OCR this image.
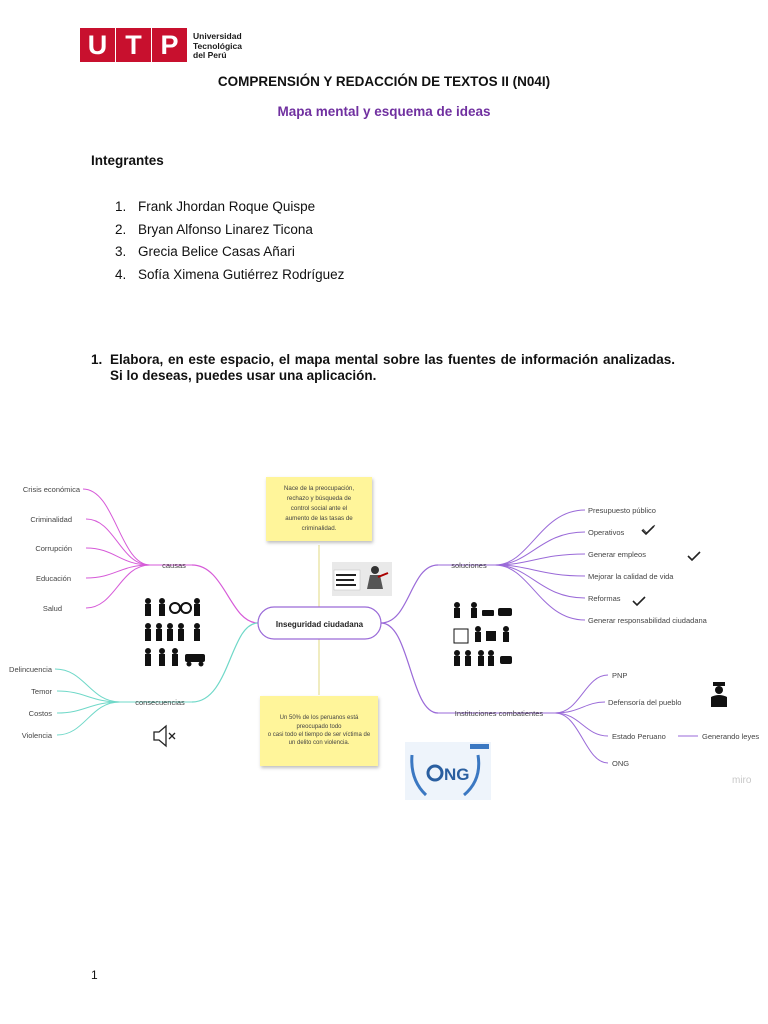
U T P	Universidad
Tecnológica
del Perú
COMPRENSIÓN Y REDACCIÓN DE TEXTOS II (N04I)
Mapa mental y esquema de ideas
Integrantes
1. Frank Jhordan Roque Quispe
2. Bryan Alfonso Linarez Ticona
3. Grecia Belice Casas Añari
4. Sofía Ximena Gutiérrez Rodríguez
1. Elabora, en este espacio, el mapa mental sobre las fuentes de información analizadas. Si lo deseas, puedes usar una aplicación.
Inseguridad ciudadana
causas
consecuencias
soluciones
Instituciones combatientes
Crisis económica
Criminalidad
Corrupción
Educación
Salud
Delincuencia
Temor
Costos
Violencia
Presupuesto público
Operativos
Generar empleos
Mejorar la calidad de vida
Reformas
Generar responsabilidad ciudadana
PNP
Defensoría del pueblo
Estado Peruano
ONG
Generando leyes
Nace de la preocupación,
rechazo y búsqueda de
control social ante el
aumento de las tasas de
criminalidad.
Un 50% de los peruanos está
preocupado todo
o casi todo el tiempo de ser víctima de
un delito con violencia.
NG	miro
1
